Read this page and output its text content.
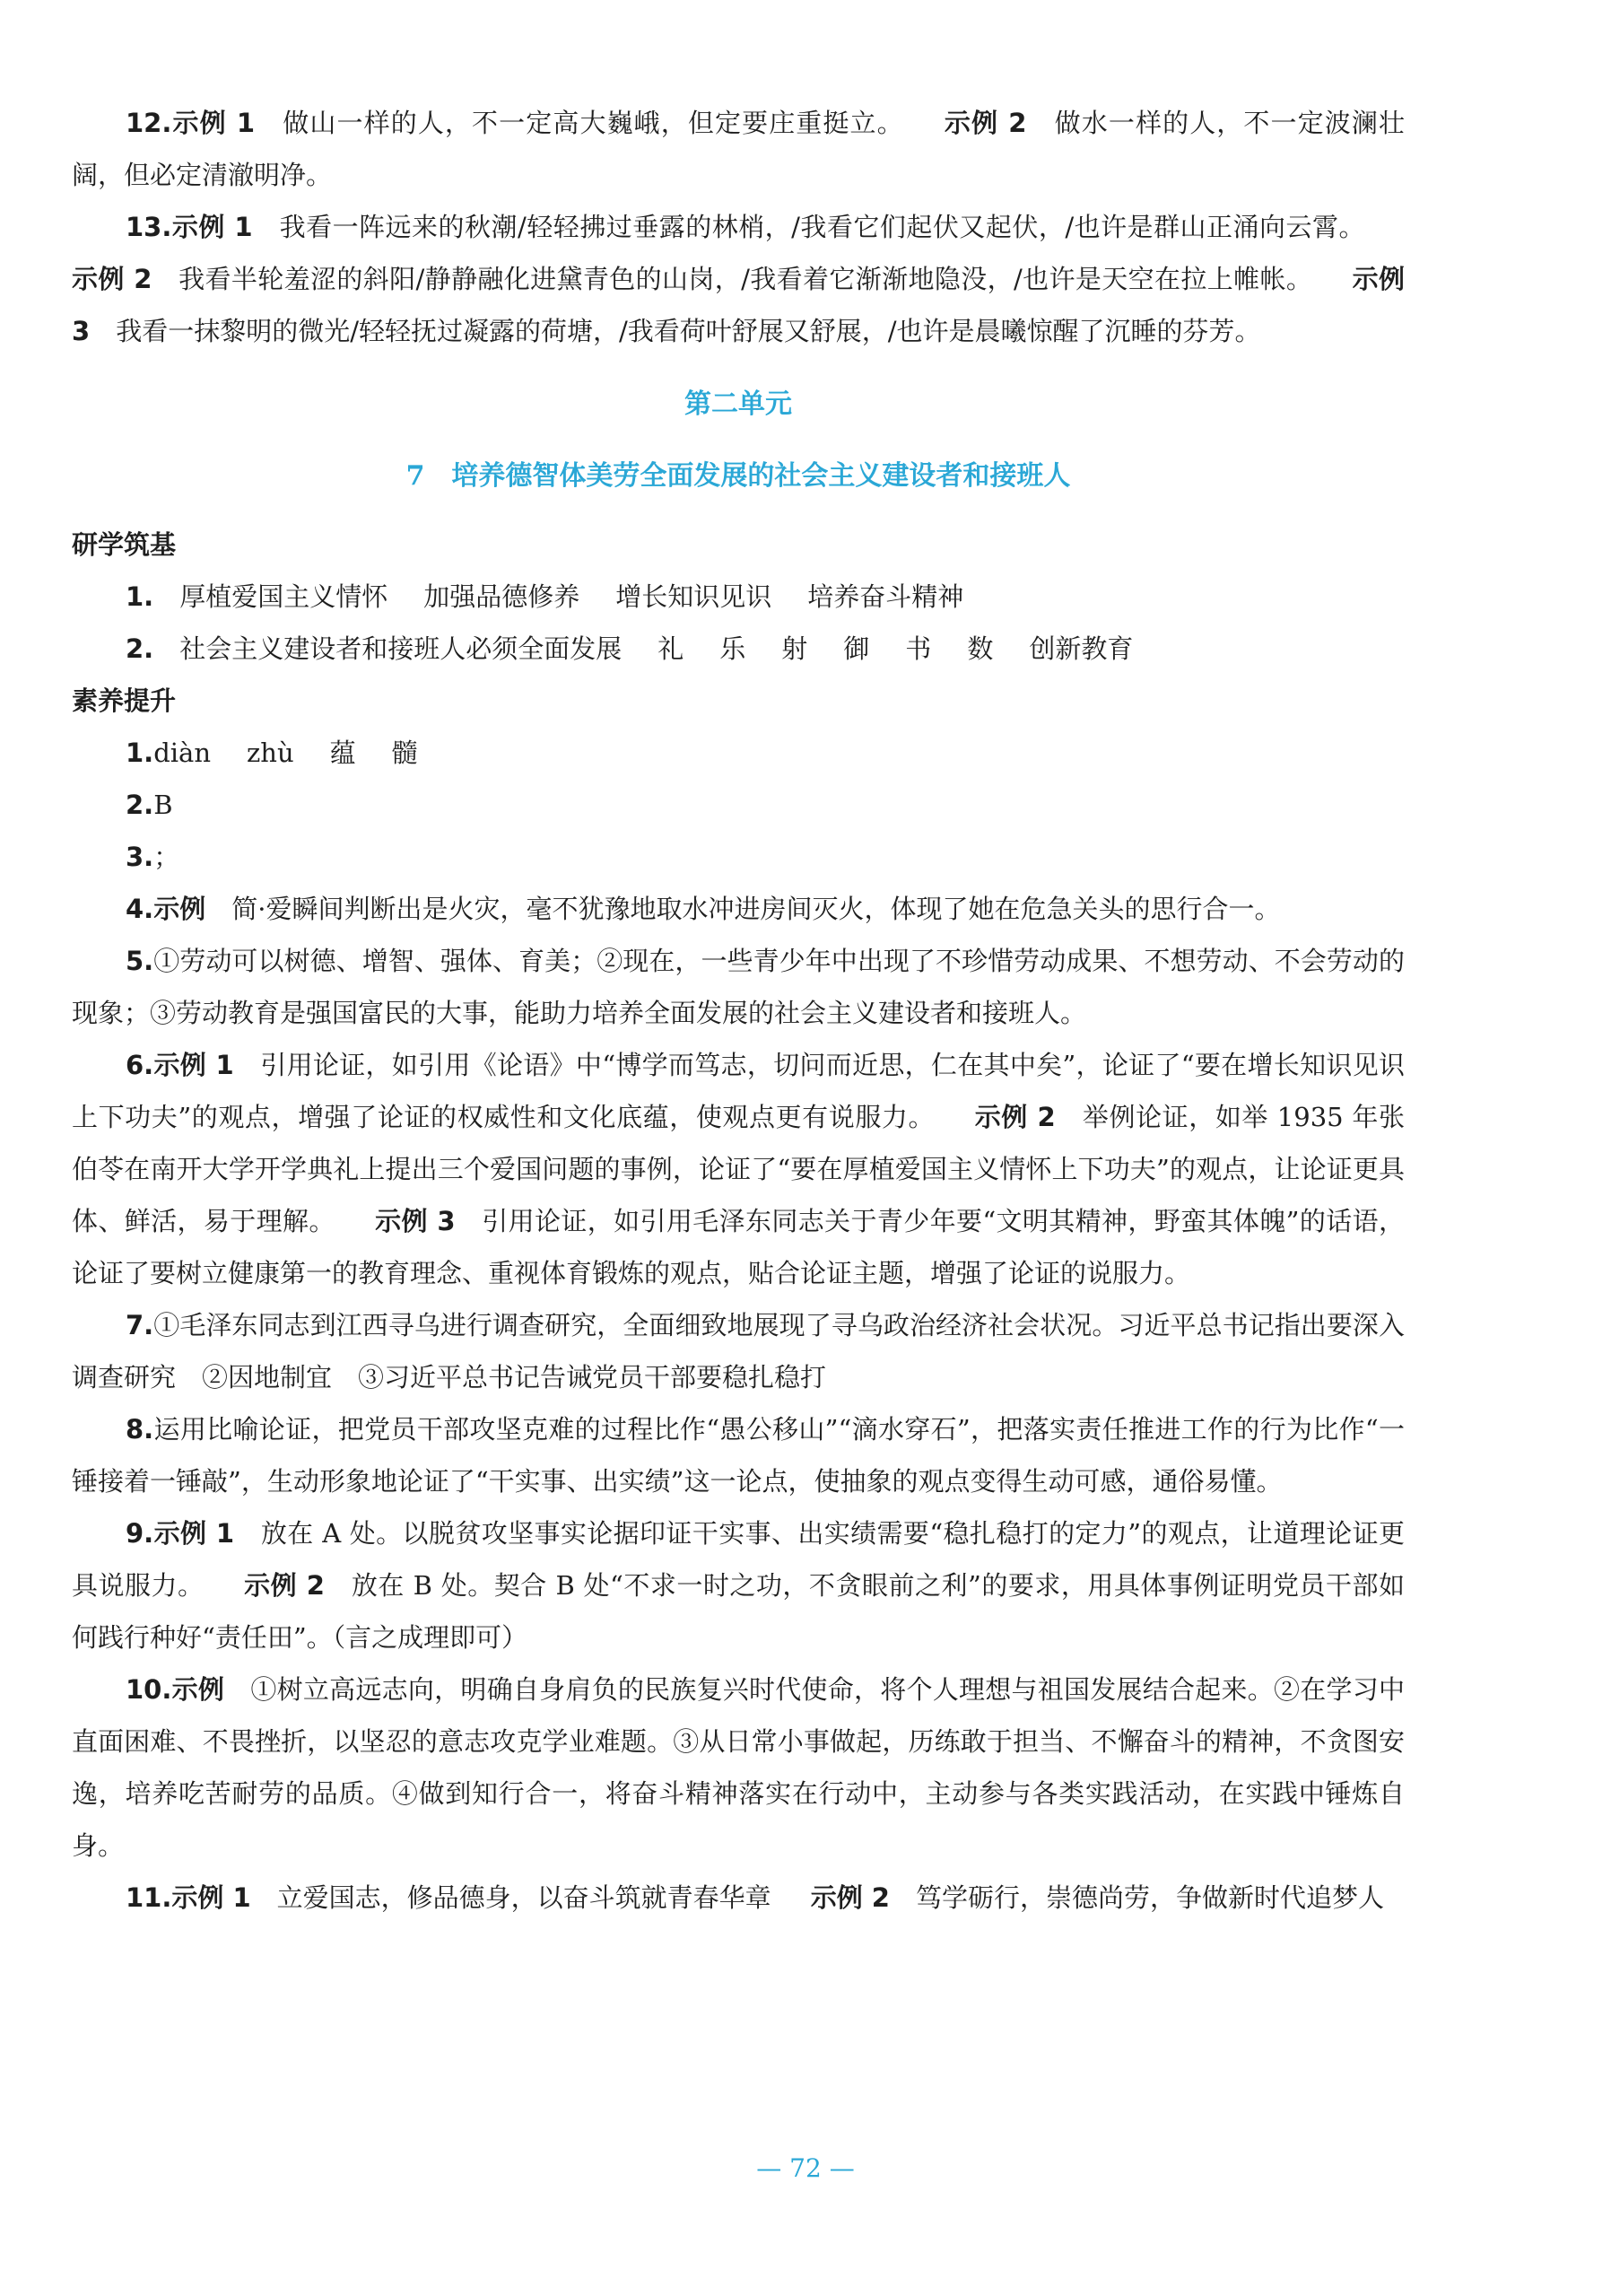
12.示例 1　 做山一样的人，不一定高大巍峨，但定要庄重挺立。 示例 2　 做水一样的人，不一定波澜壮阔，但必定清澈明净。

13.示例 1　 我看一阵远来的秋潮/轻轻拂过垂露的林梢，/我看它们起伏又起伏，/也许是群山正涌向云霄。示例 2　 我看半轮羞涩的斜阳/静静融化进黛青色的山岗，/我看着它渐渐地隐没，/也许是天空在拉上帷帐。 示例 3　 我看一抹黎明的微光/轻轻抚过凝露的荷塘，/我看荷叶舒展又舒展，/也许是晨曦惊醒了沉睡的芬芳。

第二单元
7　培养德智体美劳全面发展的社会主义建设者和接班人
研学筑基

1.　 厚植爱国主义情怀 加强品德修养 增长知识见识 培养奋斗精神

2.　 社会主义建设者和接班人必须全面发展 礼 乐 射 御 书 数 创新教育

素养提升

1.diàn zhù 蕴 髓

2.B

3.；

4.示例　 简·爱瞬间判断出是火灾，毫不犹豫地取水冲进房间灭火，体现了她在危急关头的思行合一。

5.①劳动可以树德、增智、强体、育美；②现在，一些青少年中出现了不珍惜劳动成果、不想劳动、不会劳动的现象；③劳动教育是强国富民的大事，能助力培养全面发展的社会主义建设者和接班人。

6.示例 1　 引用论证，如引用《论语》中“博学而笃志，切问而近思，仁在其中矣”，论证了“要在增长知识见识上下功夫”的观点，增强了论证的权威性和文化底蕴，使观点更有说服力。 示例 2　 举例论证，如举 1935 年张伯苓在南开大学开学典礼上提出三个爱国问题的事例，论证了“要在厚植爱国主义情怀上下功夫”的观点，让论证更具体、鲜活，易于理解。 示例 3　 引用论证，如引用毛泽东同志关于青少年要“文明其精神，野蛮其体魄”的话语，论证了要树立健康第一的教育理念、重视体育锻炼的观点，贴合论证主题，增强了论证的说服力。

7.①毛泽东同志到江西寻乌进行调查研究，全面细致地展现了寻乌政治经济社会状况。习近平总书记指出要深入调查研究　②因地制宜　③习近平总书记告诫党员干部要稳扎稳打

8.运用比喻论证，把党员干部攻坚克难的过程比作“愚公移山”“滴水穿石”，把落实责任推进工作的行为比作“一锤接着一锤敲”，生动形象地论证了“干实事、出实绩”这一论点，使抽象的观点变得生动可感，通俗易懂。

9.示例 1　 放在 A 处。以脱贫攻坚事实论据印证干实事、出实绩需要“稳扎稳打的定力”的观点，让道理论证更具说服力。 示例 2　 放在 B 处。契合 B 处“不求一时之功，不贪眼前之利”的要求，用具体事例证明党员干部如何践行种好“责任田”。（言之成理即可）

10.示例　 ①树立高远志向，明确自身肩负的民族复兴时代使命，将个人理想与祖国发展结合起来。②在学习中直面困难、不畏挫折，以坚忍的意志攻克学业难题。③从日常小事做起，历练敢于担当、不懈奋斗的精神，不贪图安逸，培养吃苦耐劳的品质。④做到知行合一，将奋斗精神落实在行动中，主动参与各类实践活动，在实践中锤炼自身。

11.示例 1　 立爱国志，修品德身，以奋斗筑就青春华章 示例 2　 笃学砺行，崇德尚劳，争做新时代追梦人

— 72 —
